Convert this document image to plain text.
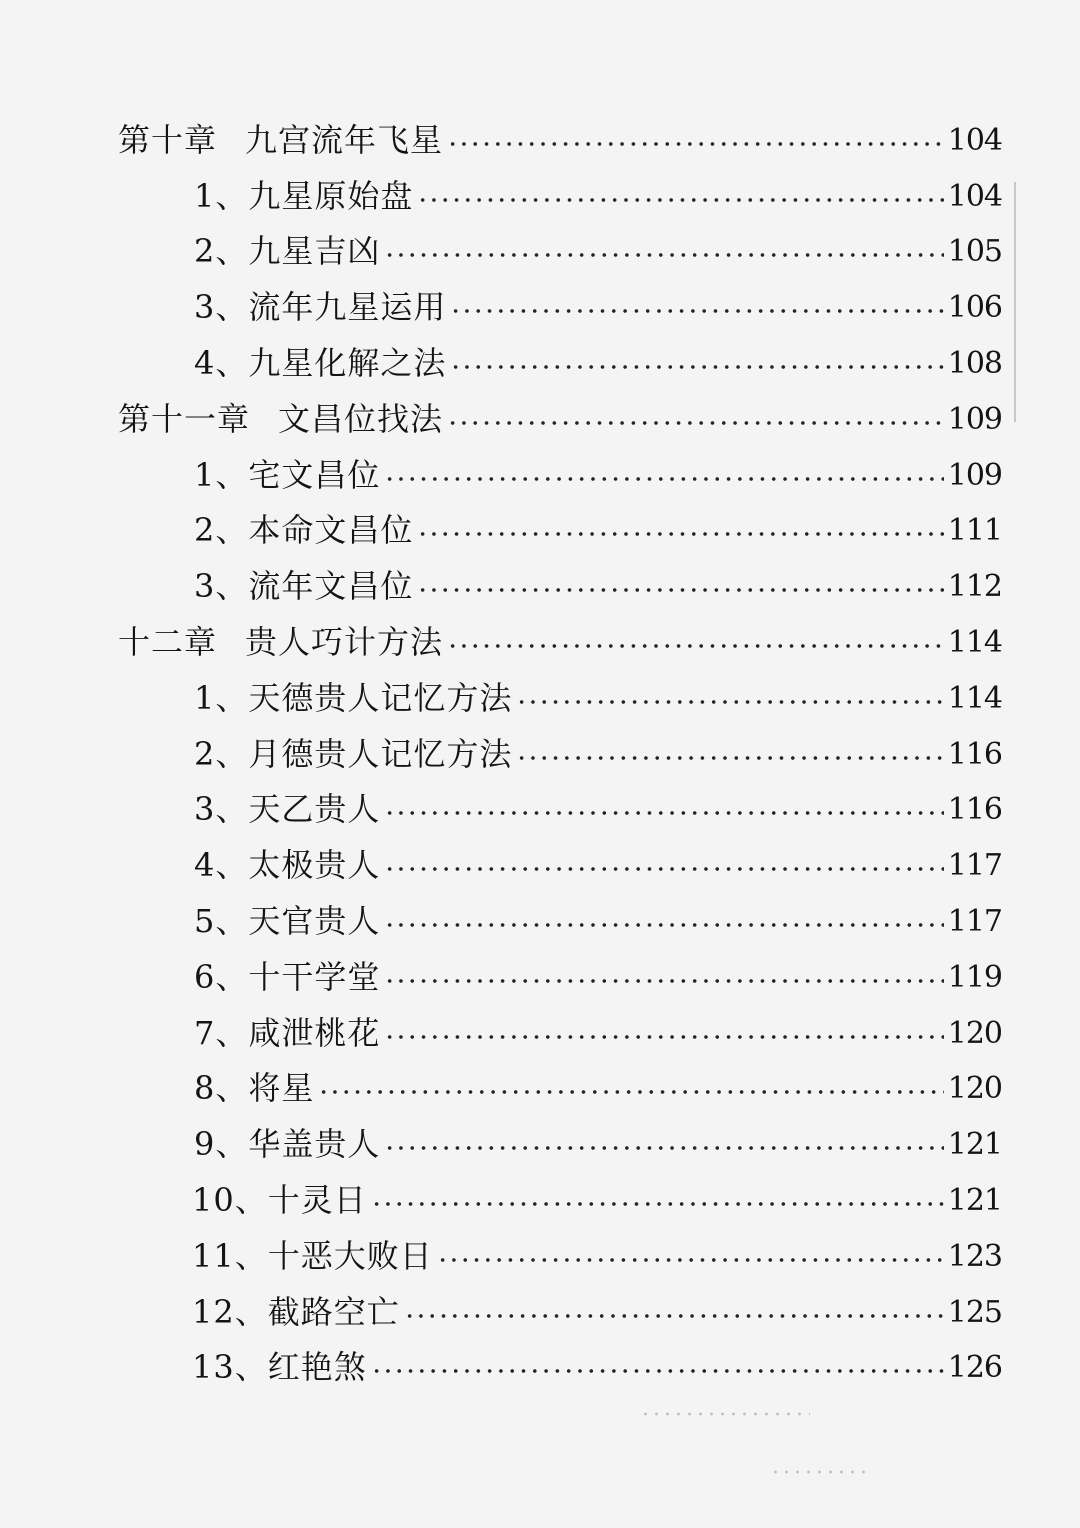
第十章 九宫流年飞星	104
1、九星原始盘	104
2、九星吉凶	105
3、流年九星运用	106
4、九星化解之法	108
第十一章 文昌位找法	109
1、宅文昌位	109
2、本命文昌位	111
3、流年文昌位	112
十二章 贵人巧计方法	114
1、天德贵人记忆方法	114
2、月德贵人记忆方法	116
3、天乙贵人	116
4、太极贵人	117
5、天官贵人	117
6、十干学堂	119
7、咸泄桃花	120
8、将星	120
9、华盖贵人	121
10、十灵日	121
11、十恶大败日	123
12、截路空亡	125
13、红艳煞	126
